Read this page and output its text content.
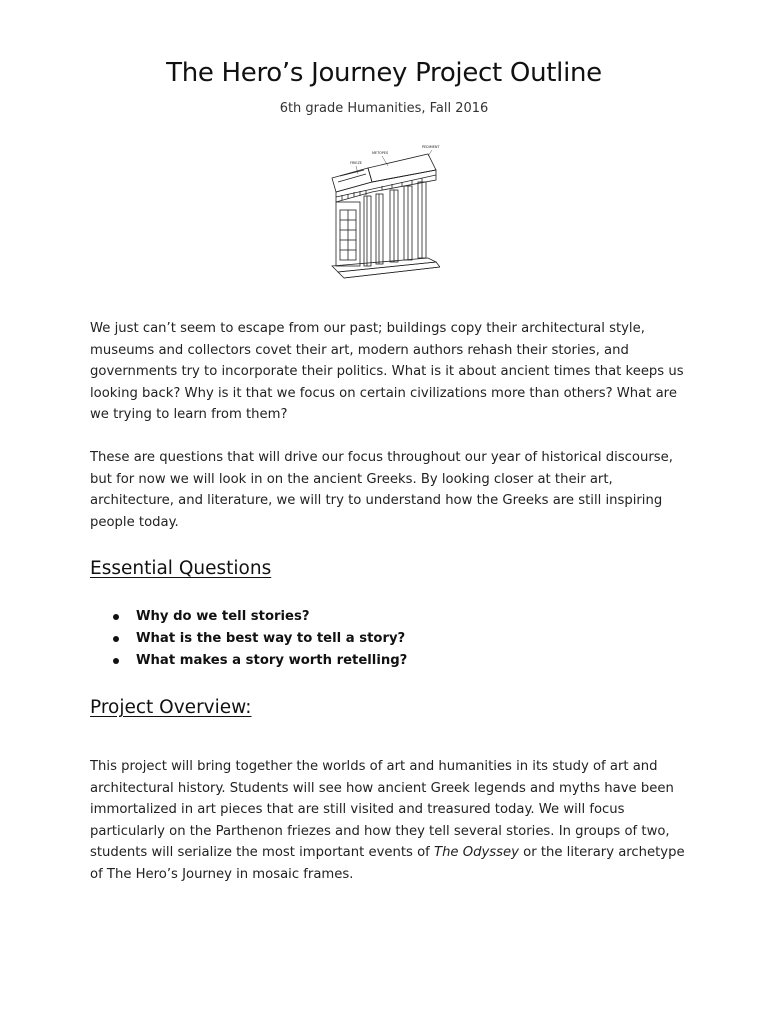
The Hero’s Journey Project Outline
6th grade Humanities, Fall 2016
PEDIMENT
METOPES
FRIEZE
We just can’t seem to escape from our past; buildings copy their architectural style, museums and collectors covet their art, modern authors rehash their stories, and governments try to incorporate their politics. What is it about ancient times that keeps us looking back? Why is it that we focus on certain civilizations more than others? What are we trying to learn from them?
These are questions that will drive our focus throughout our year of historical discourse, but for now we will look in on the ancient Greeks. By looking closer at their art, architecture, and literature, we will try to understand how the Greeks are still inspiring people today.
Essential Questions
Why do we tell stories?
What is the best way to tell a story?
What makes a story worth retelling?
Project Overview:
This project will bring together the worlds of art and humanities in its study of art and architectural history. Students will see how ancient Greek legends and myths have been immortalized in art pieces that are still visited and treasured today. We will focus particularly on the Parthenon friezes and how they tell several stories. In groups of two, students will serialize the most important events of The Odyssey or the literary archetype of The Hero’s Journey in mosaic frames.
